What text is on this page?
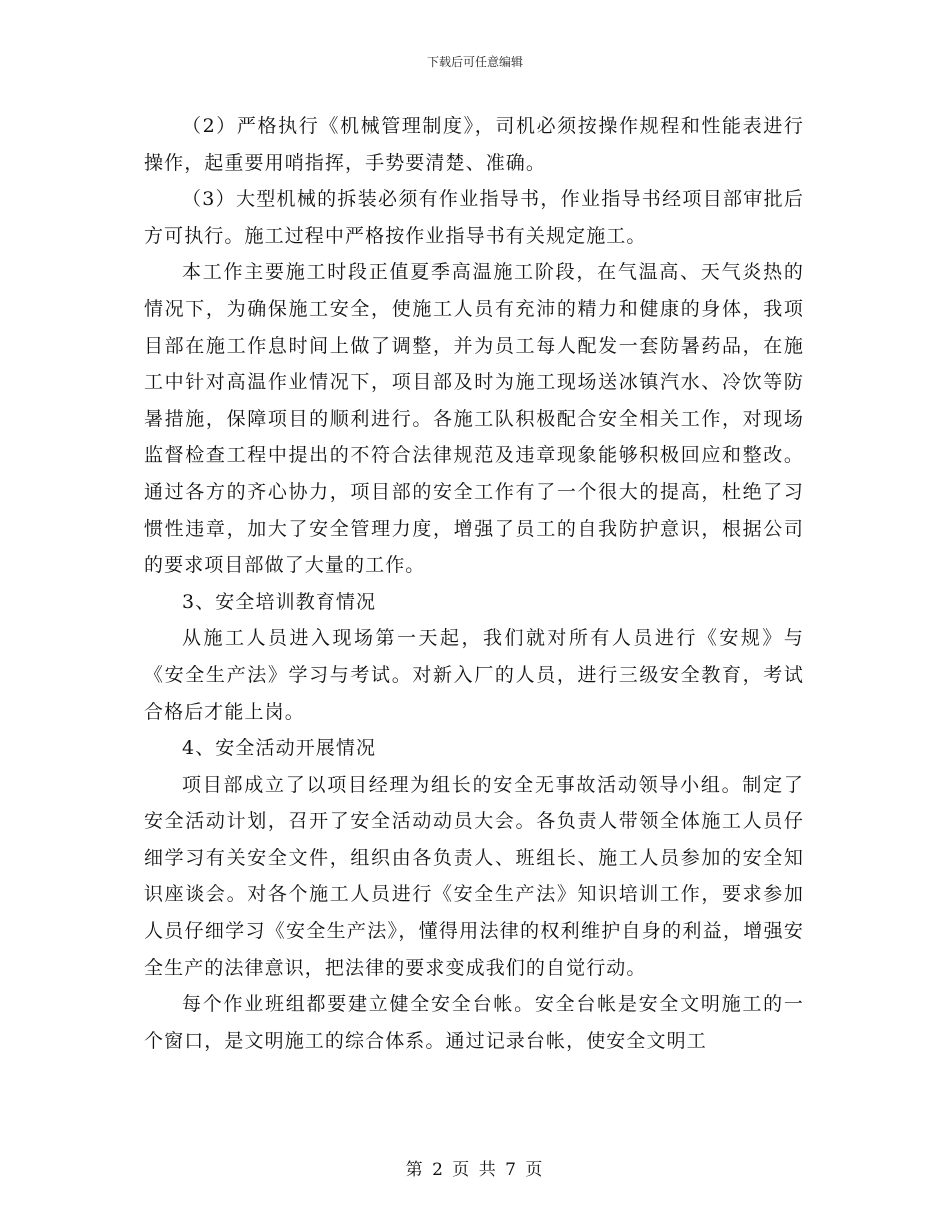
下载后可任意编辑

（2）严格执行《机械管理制度》，司机必须按操作规程和性能表进行操作，起重要用哨指挥，手势要清楚、准确。

（3）大型机械的拆装必须有作业指导书，作业指导书经项目部审批后方可执行。施工过程中严格按作业指导书有关规定施工。

本工作主要施工时段正值夏季高温施工阶段，在气温高、天气炎热的情况下，为确保施工安全，使施工人员有充沛的精力和健康的身体，我项目部在施工作息时间上做了调整，并为员工每人配发一套防暑药品，在施工中针对高温作业情况下，项目部及时为施工现场送冰镇汽水、冷饮等防暑措施，保障项目的顺利进行。各施工队积极配合安全相关工作，对现场监督检查工程中提出的不符合法律规范及违章现象能够积极回应和整改。通过各方的齐心协力，项目部的安全工作有了一个很大的提高，杜绝了习惯性违章，加大了安全管理力度，增强了员工的自我防护意识，根据公司的要求项目部做了大量的工作。

3、安全培训教育情况

从施工人员进入现场第一天起，我们就对所有人员进行《安规》与《安全生产法》学习与考试。对新入厂的人员，进行三级安全教育，考试合格后才能上岗。

4、安全活动开展情况

项目部成立了以项目经理为组长的安全无事故活动领导小组。制定了安全活动计划，召开了安全活动动员大会。各负责人带领全体施工人员仔细学习有关安全文件，组织由各负责人、班组长、施工人员参加的安全知识座谈会。对各个施工人员进行《安全生产法》知识培训工作，要求参加人员仔细学习《安全生产法》，懂得用法律的权利维护自身的利益，增强安全生产的法律意识，把法律的要求变成我们的自觉行动。

每个作业班组都要建立健全安全台帐。安全台帐是安全文明施工的一个窗口，是文明施工的综合体系。通过记录台帐，使安全文明工

第 2 页 共 7 页
